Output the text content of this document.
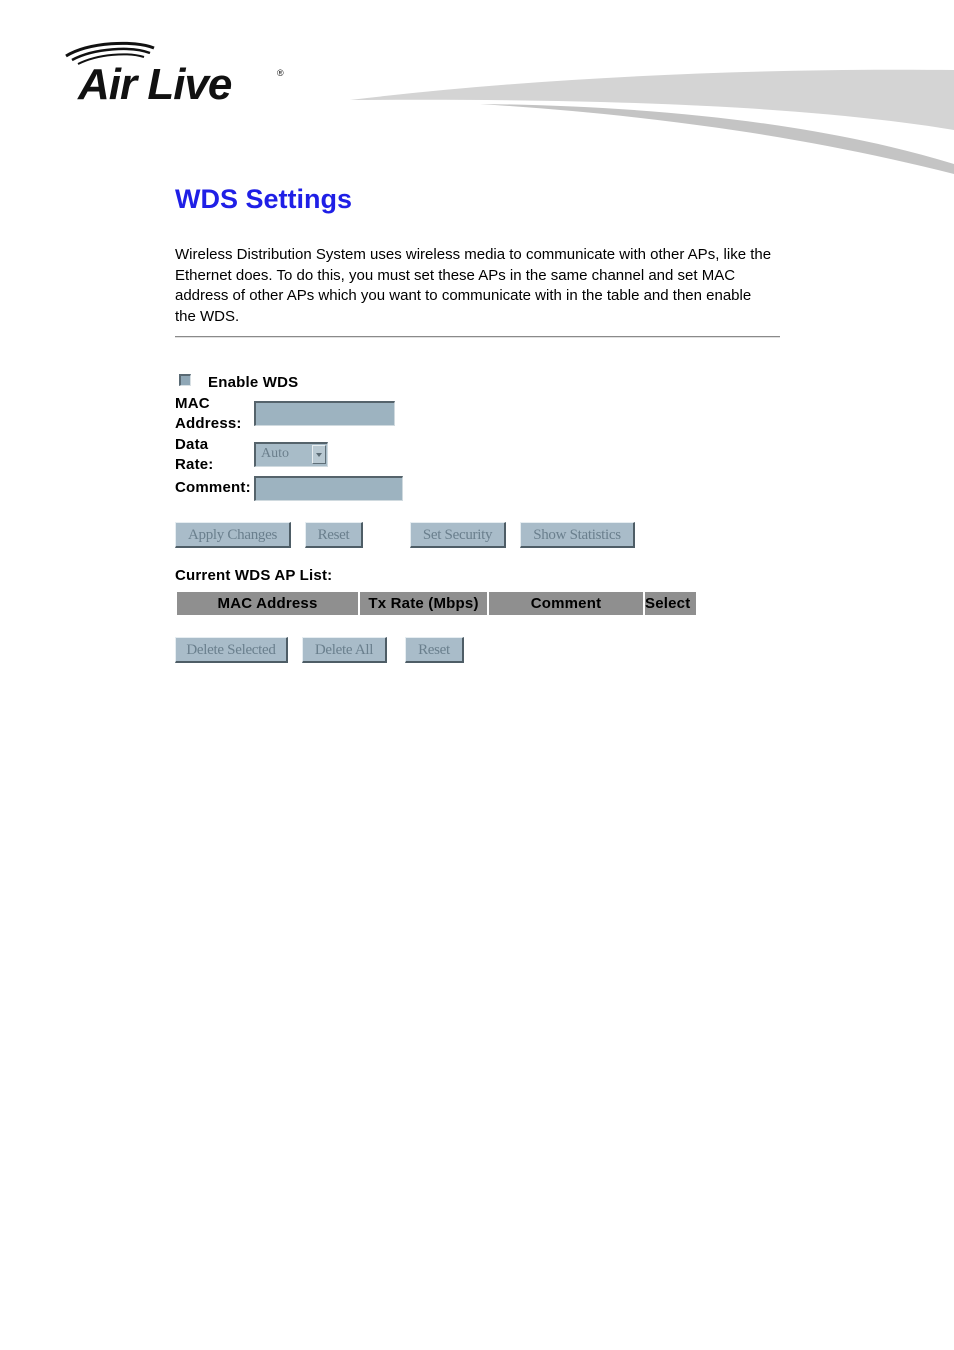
Air Live	®
WDS Settings

Wireless Distribution System uses wireless media to communicate with other APs, like the Ethernet does. To do this, you must set these APs in the same channel and set MAC address of other APs which you want to communicate with in the table and then enable the WDS.

Enable WDS
MAC
Address:
Data
Rate:
Auto
Comment:
Apply Changes	Reset	Set Security	Show Statistics
Current WDS AP List:
MAC Address	Tx Rate (Mbps)	Comment	Select
Delete Selected	Delete All	Reset
